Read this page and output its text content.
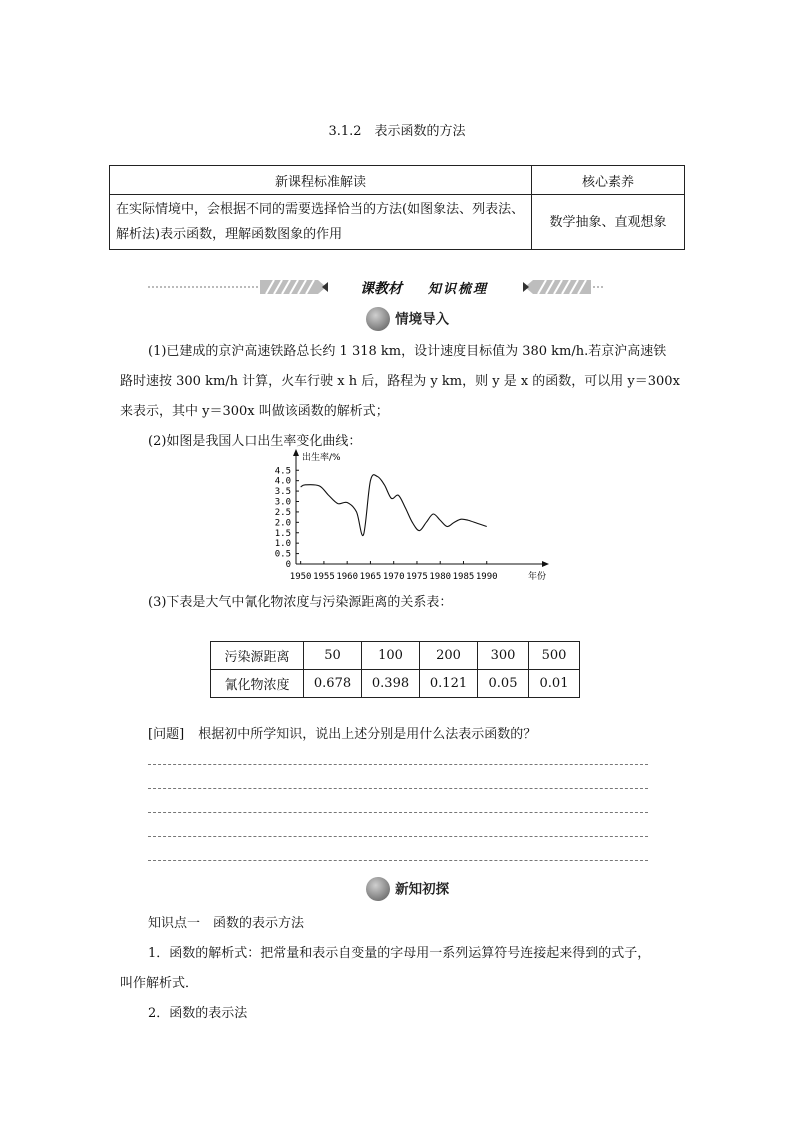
3.1.2　表示函数的方法
新课程标准解读	核心素养
在实际情境中，会根据不同的需要选择恰当的方法(如图象法、列表法、解析法)表示函数，理解函数图象的作用	数学抽象、直观想象
课教材 知识梳理
情境导入

(1)已建成的京沪高速铁路总长约 1 318 km，设计速度目标值为 380 km/h.若京沪高速铁

路时速按 300 km/h 计算，火车行驶 x h 后，路程为 y km，则 y 是 x 的函数，可以用 y＝300x

来表示，其中 y＝300x 叫做该函数的解析式；

(2)如图是我国人口出生率变化曲线：

0
0.5
1.0
1.5
2.0
2.5
3.0
3.5
4.0
4.5
1950 1955 1960 1965 1970 1975 1980 1985 1990
出生率/%
年份

(3)下表是大气中氰化物浓度与污染源距离的关系表：

污染源距离	50	100	200	300	500
氰化物浓度	0.678	0.398	0.121	0.05	0.01
[问题] 根据初中所学知识，说出上述分别是用什么法表示函数的？
新知初探

知识点一　函数的表示方法

1．函数的解析式：把常量和表示自变量的字母用一系列运算符号连接起来得到的式子，

叫作解析式．

2．函数的表示法
